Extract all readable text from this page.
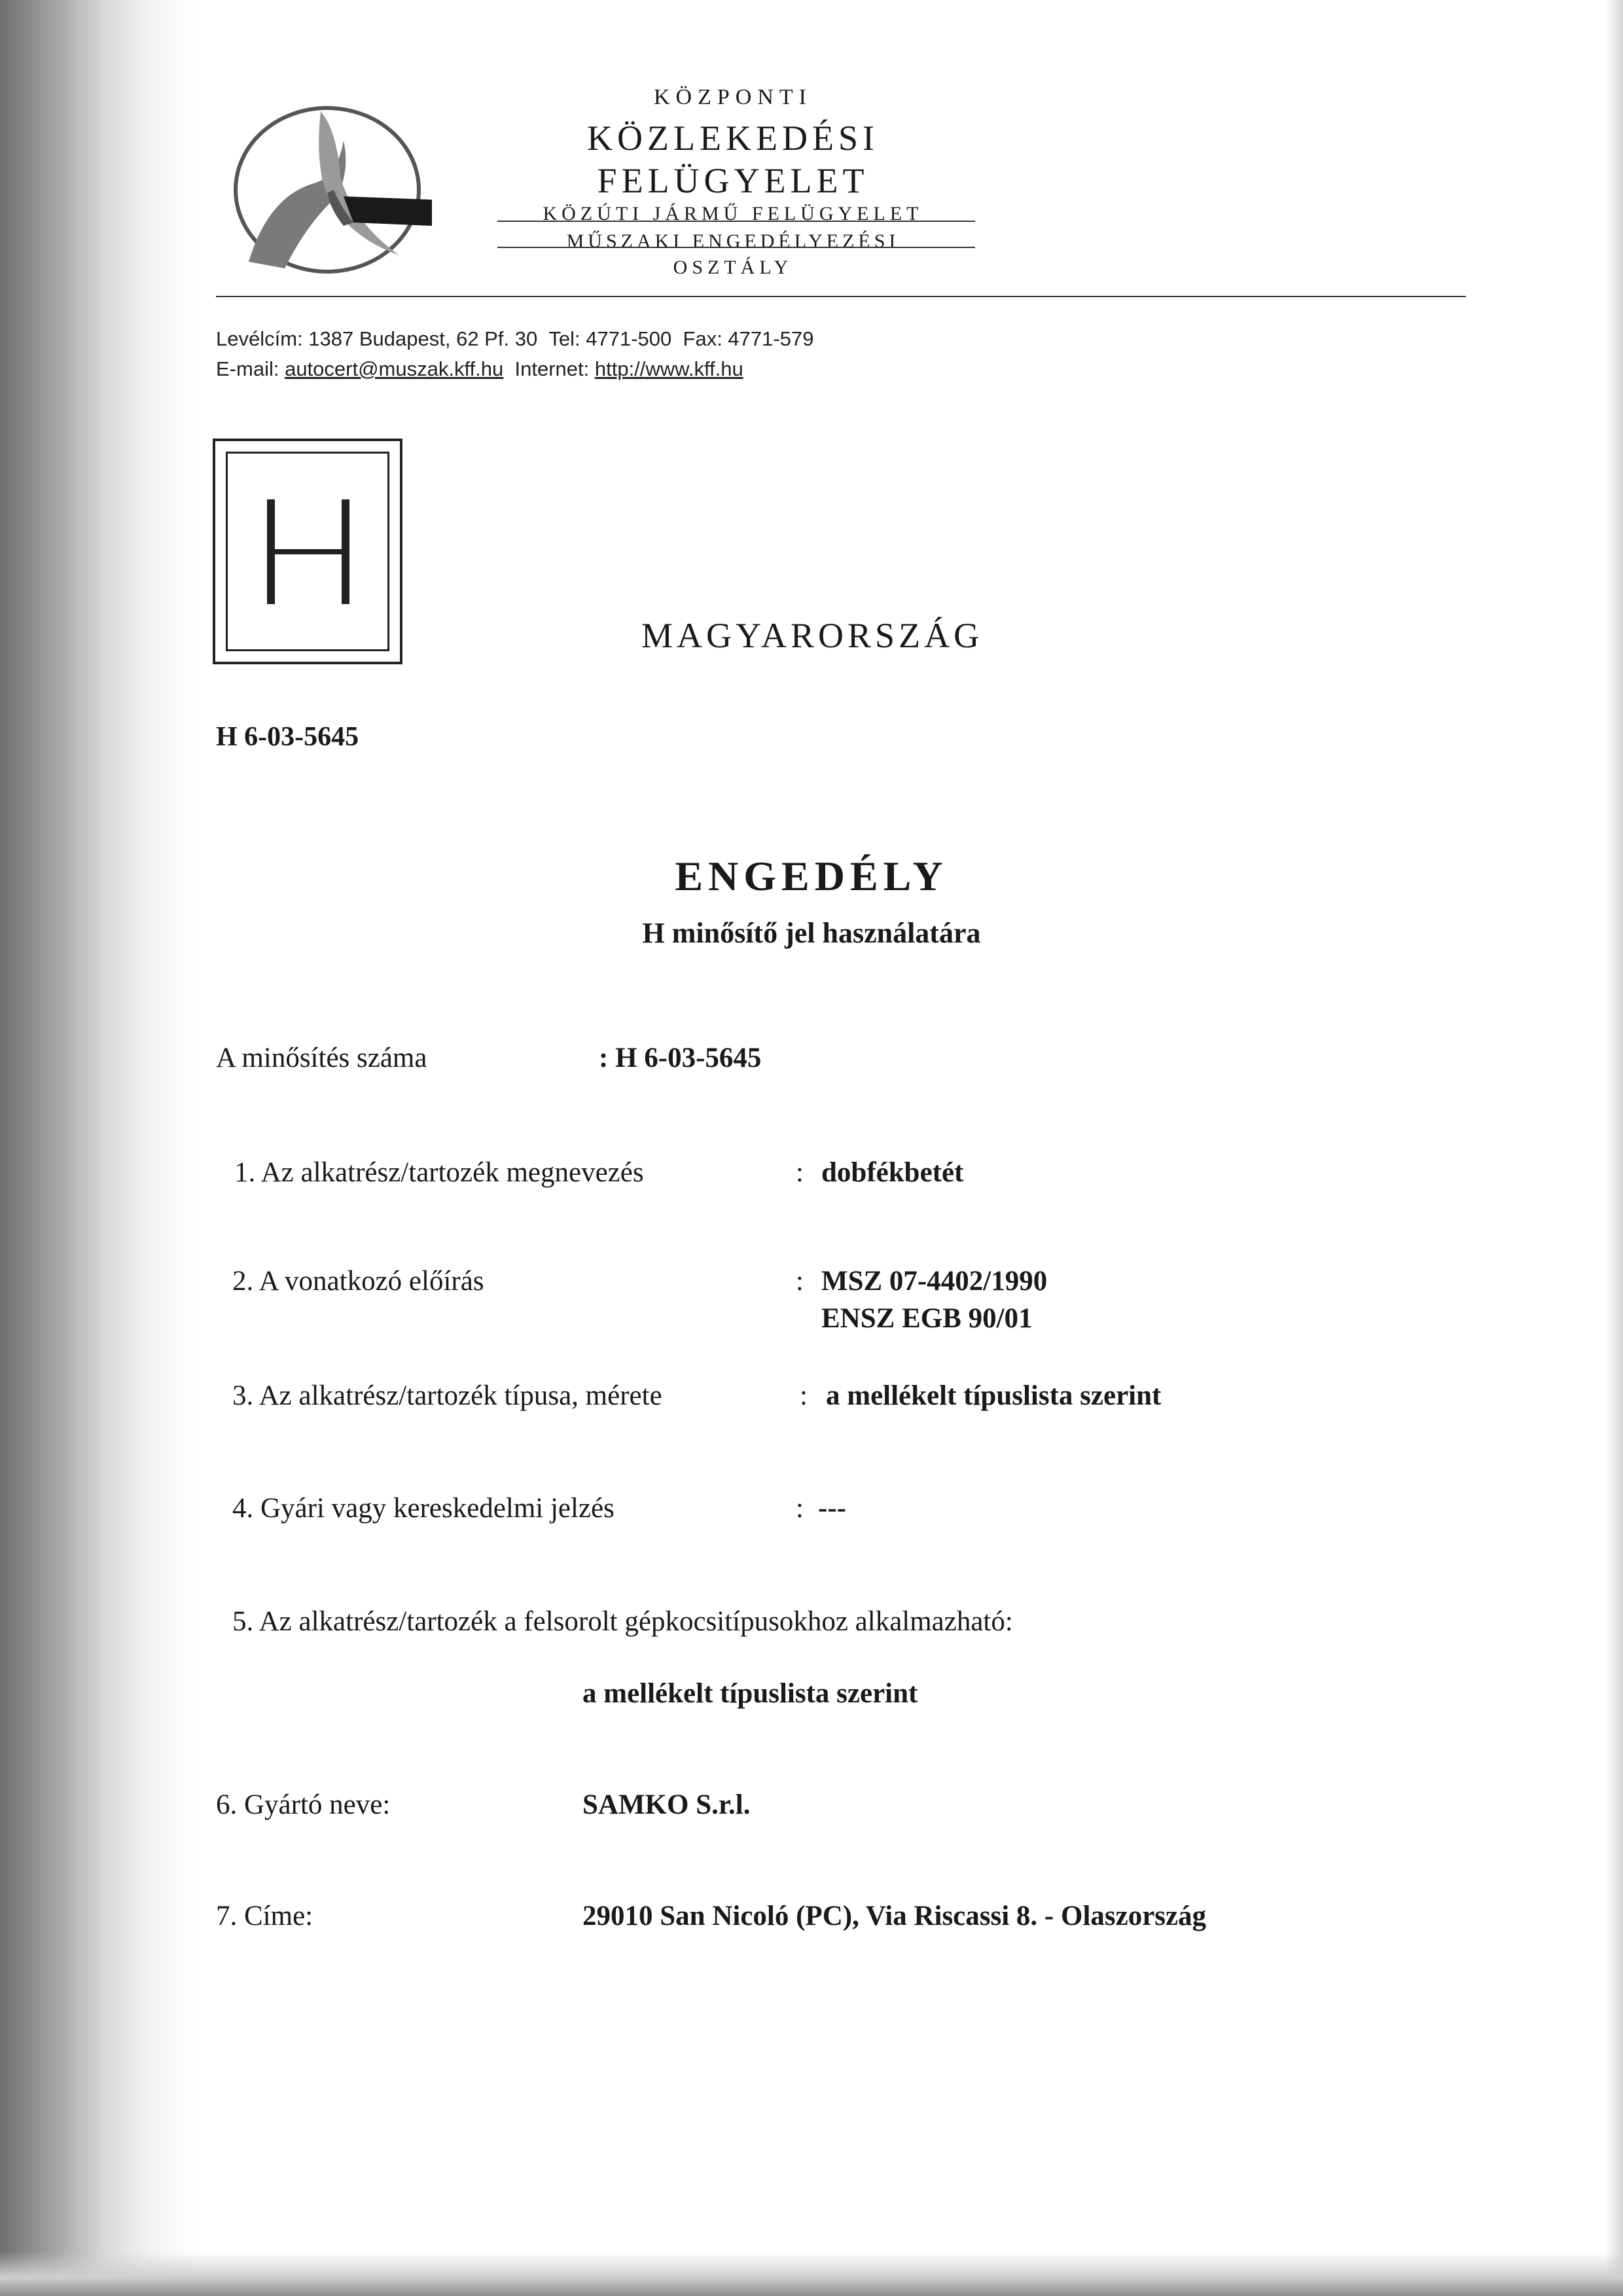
KÖZPONTI
KÖZLEKEDÉSI
FELÜGYELET
KÖZÚTI JÁRMŰ FELÜGYELET
MŰSZAKI ENGEDÉLYEZÉSI
OSZTÁLY
Levélcím: 1387 Budapest, 62 Pf. 30 Tel: 4771-500 Fax: 4771-579
E-mail: autocert@muszak.kff.hu Internet: http://www.kff.hu
MAGYARORSZÁG
H 6-03-5645
ENGEDÉLY
H minősítő jel használatára
A minősítés száma	: H 6-03-5645
1. Az alkatrész/tartozék megnevezés	: dobfékbetét
2. A vonatkozó előírás	: MSZ 07-4402/1990
ENSZ EGB 90/01
3. Az alkatrész/tartozék típusa, mérete	: a mellékelt típuslista szerint
4. Gyári vagy kereskedelmi jelzés	: ---
5. Az alkatrész/tartozék a felsorolt gépkocsitípusokhoz alkalmazható:
a mellékelt típuslista szerint
6. Gyártó neve:	SAMKO S.r.l.
7. Címe:	29010 San Nicoló (PC), Via Riscassi 8. - Olaszország
